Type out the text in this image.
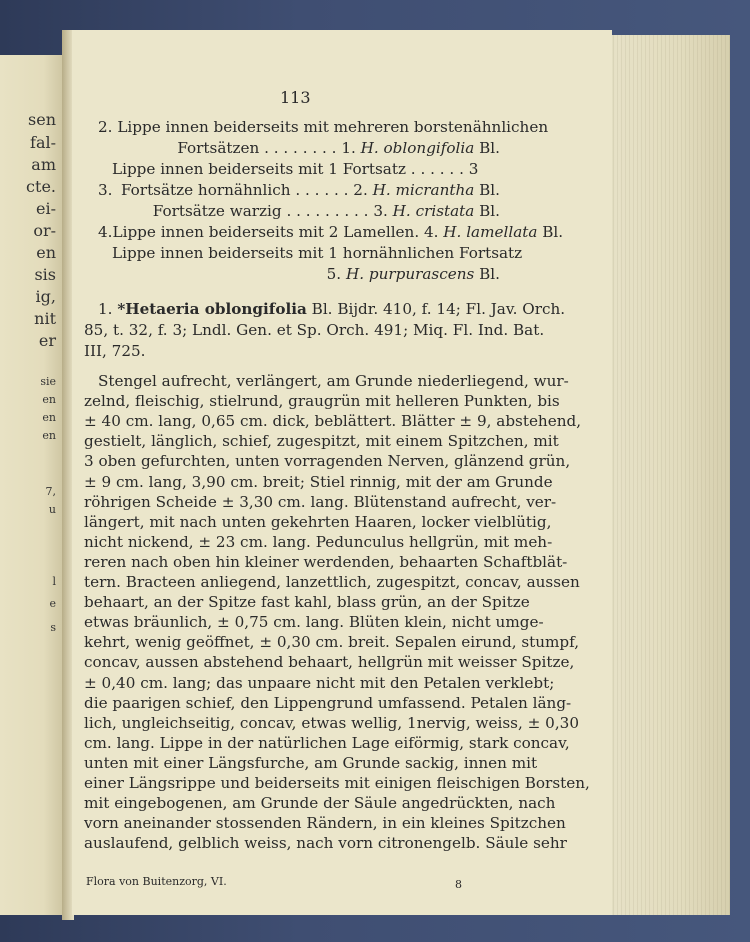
sen
fal-
am
cte.
ei-
or-
en
sis
ig,
nit
er
sie
en
en
en
7,
u
l
e
s
113
2. Lippe innen beiderseits mit mehreren borstenähnlichen
Fortsätzen . . . . . . . . 1. H. oblongifolia Bl.
Lippe innen beiderseits mit 1 Fortsatz . . . . . . 3
3. Fortsätze hornähnlich . . . . . . 2. H. micrantha Bl.
Fortsätze warzig . . . . . . . . . 3. H. cristata Bl.
4. Lippe innen beiderseits mit 2 Lamellen. 4. H. lamellata Bl.
Lippe innen beiderseits mit 1 hornähnlichen Fortsatz
5. H. purpurascens Bl.
1. *Hetaeria oblongifolia Bl. Bijdr. 410, f. 14; Fl. Jav. Orch.
85, t. 32, f. 3; Lndl. Gen. et Sp. Orch. 491; Miq. Fl. Ind. Bat.
III, 725.
Stengel aufrecht, verlängert, am Grunde niederliegend, wur-
zelnd, fleischig, stielrund, graugrün mit helleren Punkten, bis
± 40 cm. lang, 0,65 cm. dick, beblättert. Blätter ± 9, abstehend,
gestielt, länglich, schief, zugespitzt, mit einem Spitzchen, mit
3 oben gefurchten, unten vorragenden Nerven, glänzend grün,
± 9 cm. lang, 3,90 cm. breit; Stiel rinnig, mit der am Grunde
röhrigen Scheide ± 3,30 cm. lang. Blütenstand aufrecht, ver-
längert, mit nach unten gekehrten Haaren, locker vielblütig,
nicht nickend, ± 23 cm. lang. Pedunculus hellgrün, mit meh-
reren nach oben hin kleiner werdenden, behaarten Schaftblät-
tern. Bracteen anliegend, lanzettlich, zugespitzt, concav, aussen
behaart, an der Spitze fast kahl, blass grün, an der Spitze
etwas bräunlich, ± 0,75 cm. lang. Blüten klein, nicht umge-
kehrt, wenig geöffnet, ± 0,30 cm. breit. Sepalen eirund, stumpf,
concav, aussen abstehend behaart, hellgrün mit weisser Spitze,
± 0,40 cm. lang; das unpaare nicht mit den Petalen verklebt;
die paarigen schief, den Lippengrund umfassend. Petalen läng-
lich, ungleichseitig, concav, etwas wellig, 1nervig, weiss, ± 0,30
cm. lang. Lippe in der natürlichen Lage eiförmig, stark concav,
unten mit einer Längsfurche, am Grunde sackig, innen mit
einer Längsrippe und beiderseits mit einigen fleischigen Borsten,
mit eingebogenen, am Grunde der Säule angedrückten, nach
vorn aneinander stossenden Rändern, in ein kleines Spitzchen
auslaufend, gelblich weiss, nach vorn citronengelb. Säule sehr
Flora von Buitenzorg, VI.	8
